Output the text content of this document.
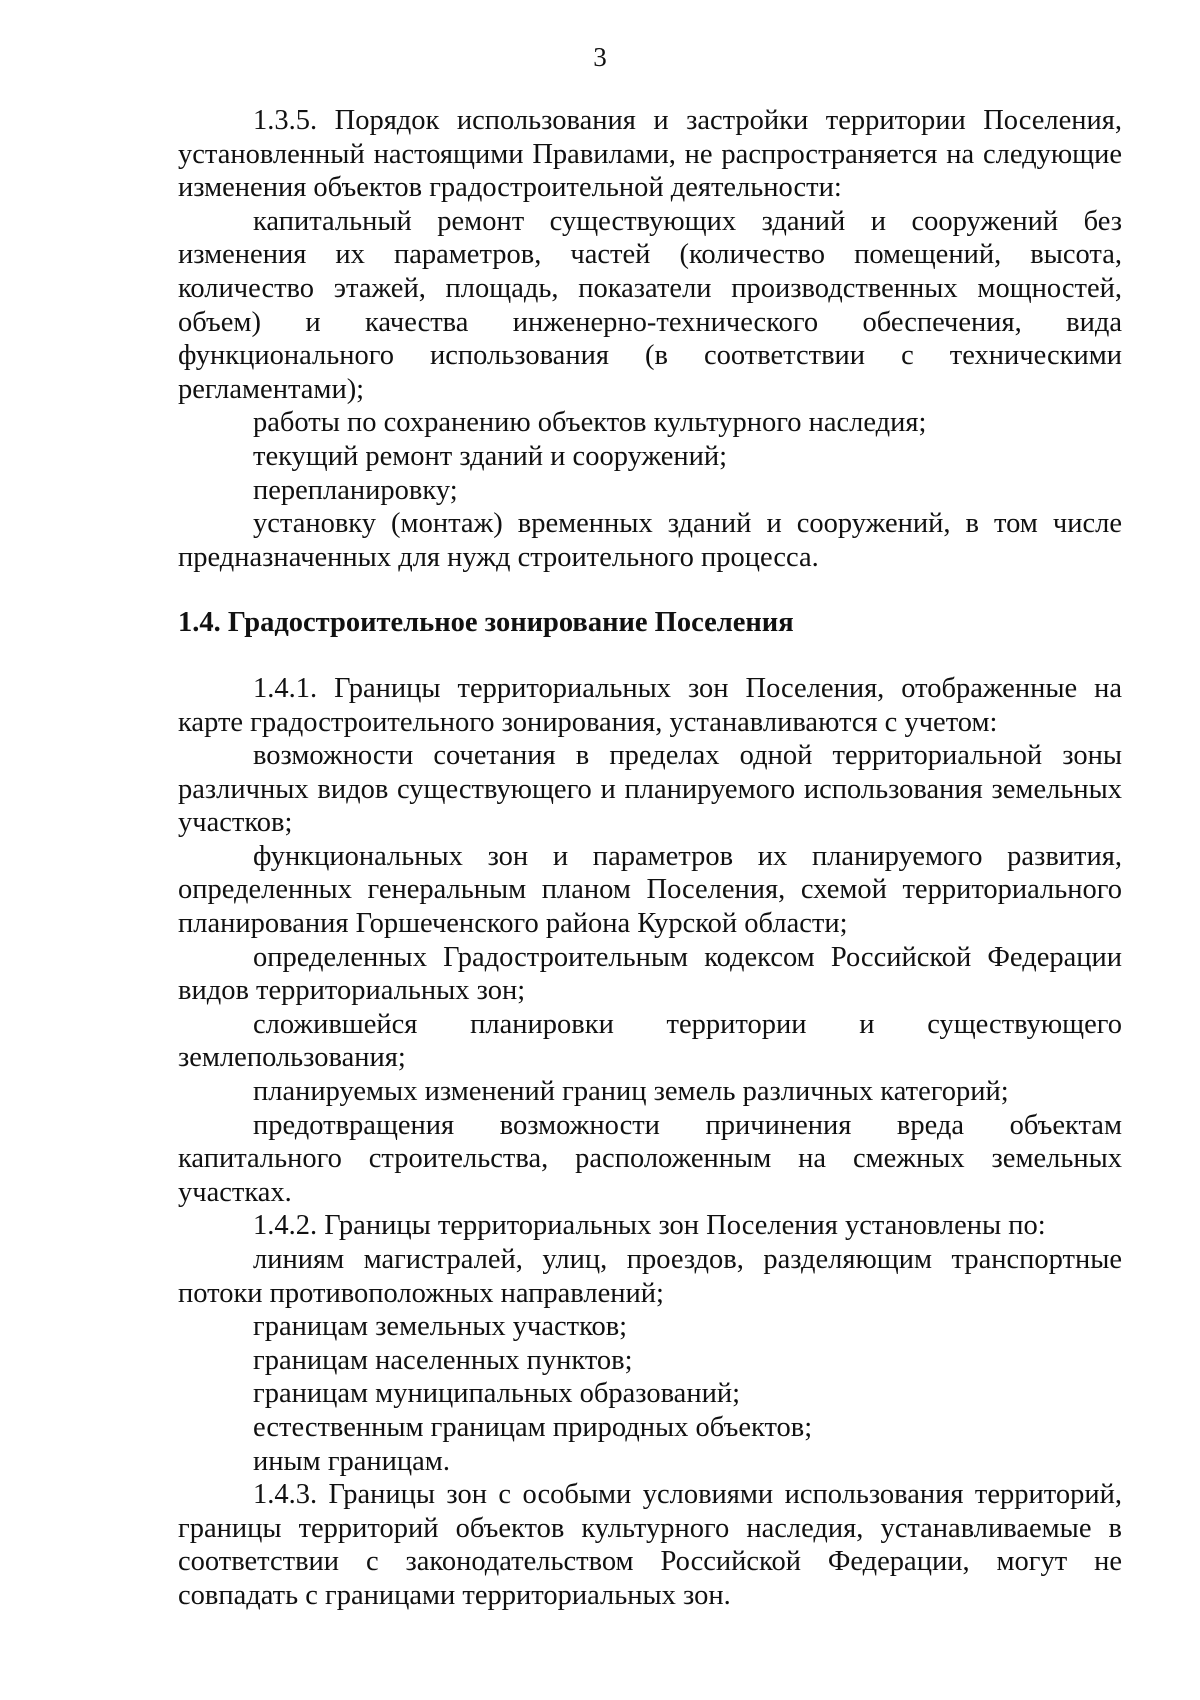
3

1.3.5. Порядок использования и застройки территории Поселения, установленный настоящими Правилами, не распространяется на следующие изменения объектов градостроительной деятельности:

капитальный ремонт существующих зданий и сооружений без изменения их параметров, частей (количество помещений, высота, количество этажей, площадь, показатели производственных мощностей, объем) и качества инженерно-технического обеспечения, вида функционального использования (в соответствии с техническими регламентами);

работы по сохранению объектов культурного наследия;

текущий ремонт зданий и сооружений;

перепланировку;

установку (монтаж) временных зданий и сооружений, в том числе предназначенных для нужд строительного процесса.

1.4. Градостроительное зонирование Поселения

1.4.1. Границы территориальных зон Поселения, отображенные на карте градостроительного зонирования, устанавливаются с учетом:

возможности сочетания в пределах одной территориальной зоны различных видов существующего и планируемого использования земельных участков;

функциональных зон и параметров их планируемого развития, определенных генеральным планом Поселения, схемой территориального планирования Горшеченского района Курской области;

определенных Градостроительным кодексом Российской Федерации видов территориальных зон;

сложившейся планировки территории и существующего землепользования;

планируемых изменений границ земель различных категорий;

предотвращения возможности причинения вреда объектам капитального строительства, расположенным на смежных земельных участках.

1.4.2. Границы территориальных зон Поселения установлены по:

линиям магистралей, улиц, проездов, разделяющим транспортные потоки противоположных направлений;

границам земельных участков;

границам населенных пунктов;

границам муниципальных образований;

естественным границам природных объектов;

иным границам.

1.4.3. Границы зон с особыми условиями использования территорий, границы территорий объектов культурного наследия, устанавливаемые в соответствии с законодательством Российской Федерации, могут не совпадать с границами территориальных зон.
